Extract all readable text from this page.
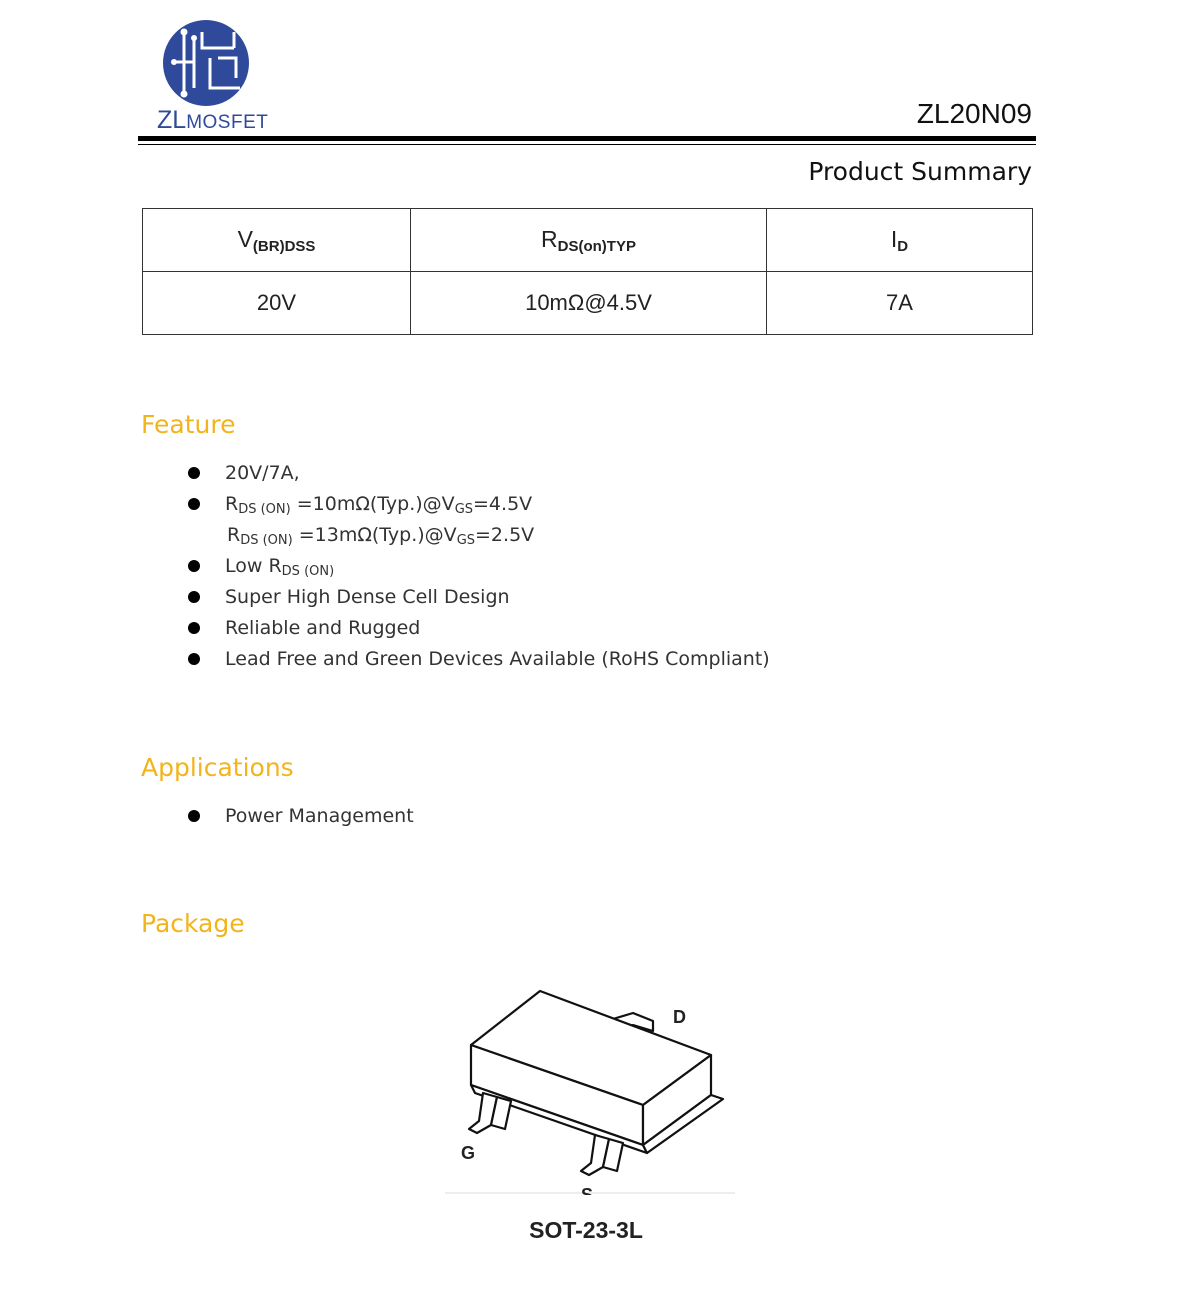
ZLMOSFET	ZL20N09
Product Summary
$V_{(BR)DSS}$	$R_{DS(on)TYP}$	$I_D$
20V	10mΩ@4.5V	7A
Feature
20V/7A,
$R_{DS (ON)}$ $=10m\Omega(Typ.)@V_{GS}=4.5V$
$R_{DS (ON)}$ $=13m\Omega(Typ.)@V_{GS}=2.5V$
Low $R_{DS (ON)}$
Super High Dense Cell Design
Reliable and Rugged
Lead Free and Green Devices Available (RoHS Compliant)
Applications
Power Management
Package
D
G
S
SOT-23-3L
